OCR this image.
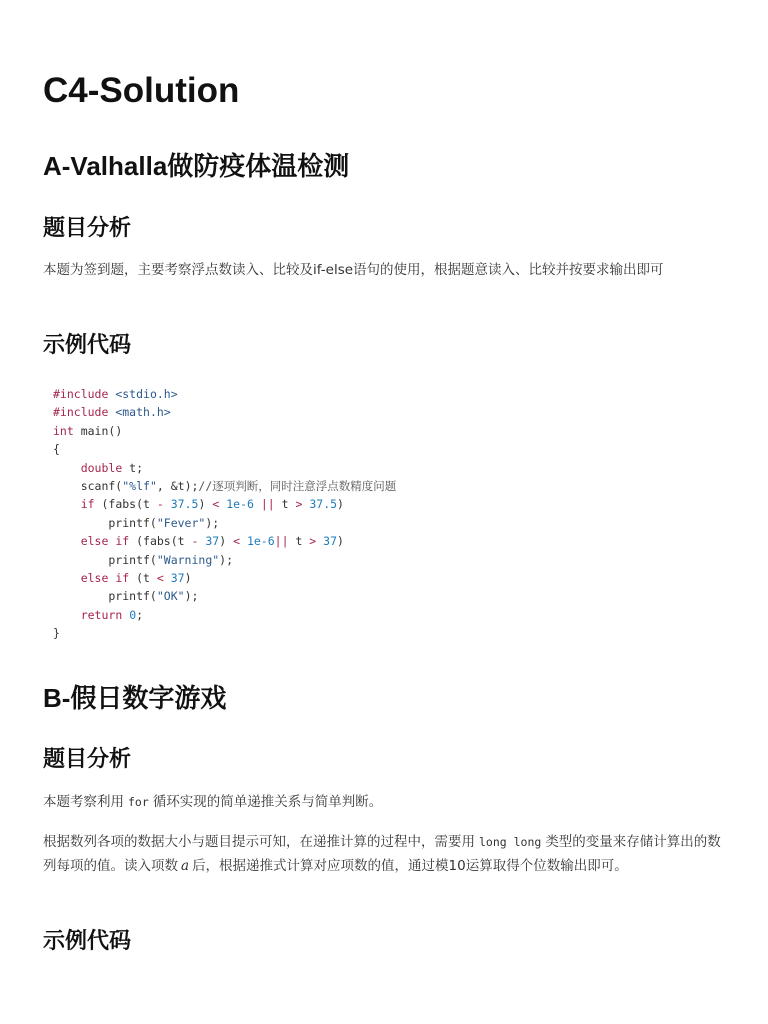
C4-Solution
A-Valhalla做防疫体温检测
题目分析

本题为签到题，主要考察浮点数读入、比较及if-else语句的使用，根据题意读入、比较并按要求输出即可

示例代码
#include <stdio.h>
#include <math.h>
int main()
{
double t;
scanf("%lf", &t);//逐项判断，同时注意浮点数精度问题
if (fabs(t - 37.5) < 1e-6 || t > 37.5)
printf("Fever");
else if (fabs(t - 37) < 1e-6|| t > 37)
printf("Warning");
else if (t < 37)
printf("OK");
return 0;
}
B-假日数字游戏
题目分析

本题考察利用 for 循环实现的简单递推关系与简单判断。

根据数列各项的数据大小与题目提示可知，在递推计算的过程中，需要用 long long 类型的变量来存储计算出的数列每项的值。读入项数 a 后，根据递推式计算对应项数的值，通过模10运算取得个位数输出即可。

示例代码
